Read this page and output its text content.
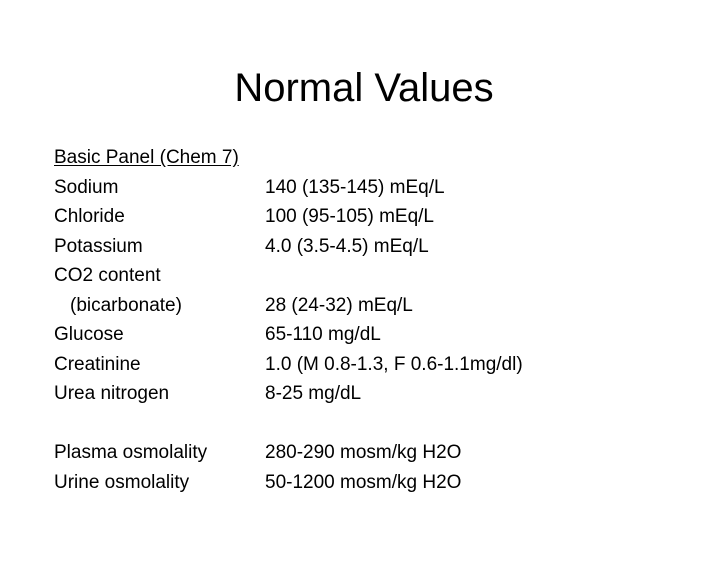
Normal Values
Basic Panel (Chem 7)
Sodium	140 (135-145) mEq/L
Chloride	100 (95-105) mEq/L
Potassium	4.0 (3.5-4.5) mEq/L
CO2 content
(bicarbonate)	28 (24-32) mEq/L
Glucose	65-110 mg/dL
Creatinine	1.0 (M 0.8-1.3, F 0.6-1.1mg/dl)
Urea nitrogen	8-25 mg/dL
Plasma osmolality	280-290 mosm/kg H2O
Urine osmolality	50-1200 mosm/kg H2O
